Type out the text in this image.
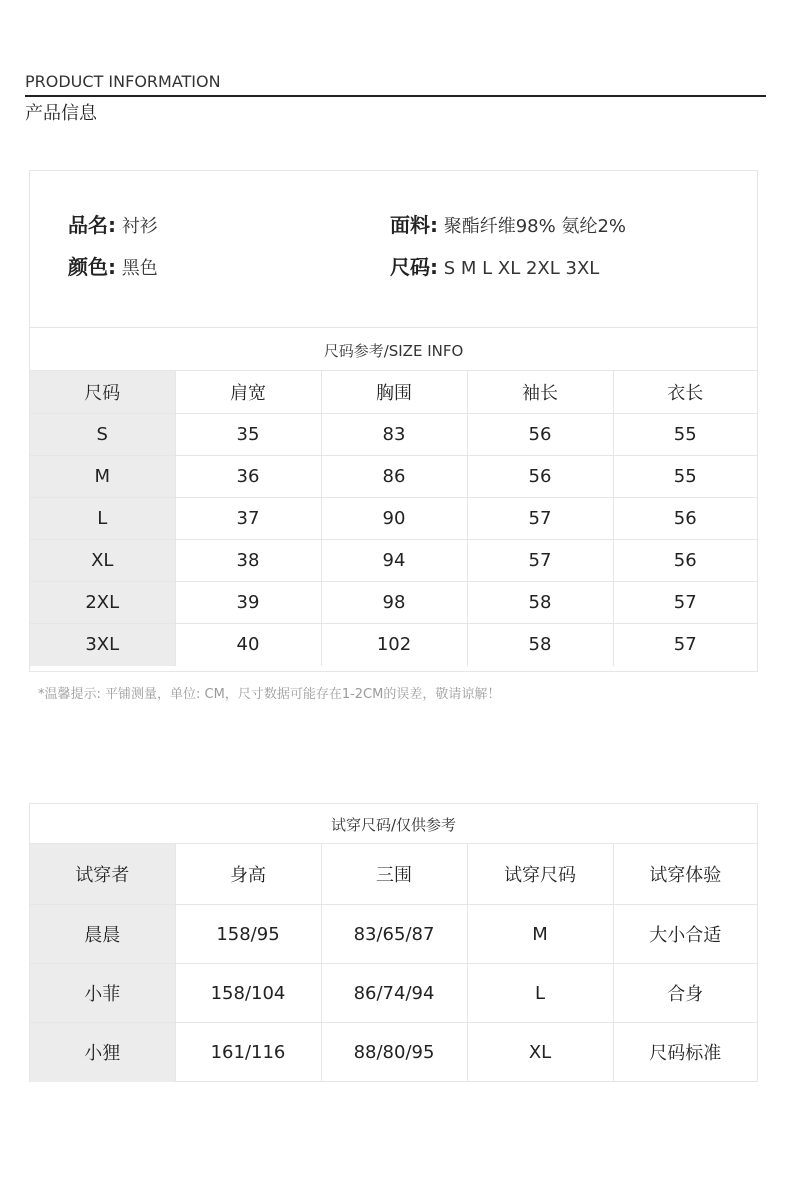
PRODUCT INFORMATION
产品信息
品名: 衬衫
颜色: 黑色
面料: 聚酯纤维98% 氨纶2%
尺码: S M L XL 2XL 3XL
尺码参考/SIZE INFO
尺码	肩宽	胸围	袖长	衣长
S	35	83	56	55
M	36	86	56	55
L	37	90	57	56
XL	38	94	57	56
2XL	39	98	58	57
3XL	40	102	58	57
*温馨提示: 平铺测量，单位: CM，尺寸数据可能存在1-2CM的误差，敬请谅解！
试穿尺码/仅供参考
试穿者	身高	三围	试穿尺码	试穿体验
晨晨	158/95	83/65/87	M	大小合适
小菲	158/104	86/74/94	L	合身
小狸	161/116	88/80/95	XL	尺码标准
